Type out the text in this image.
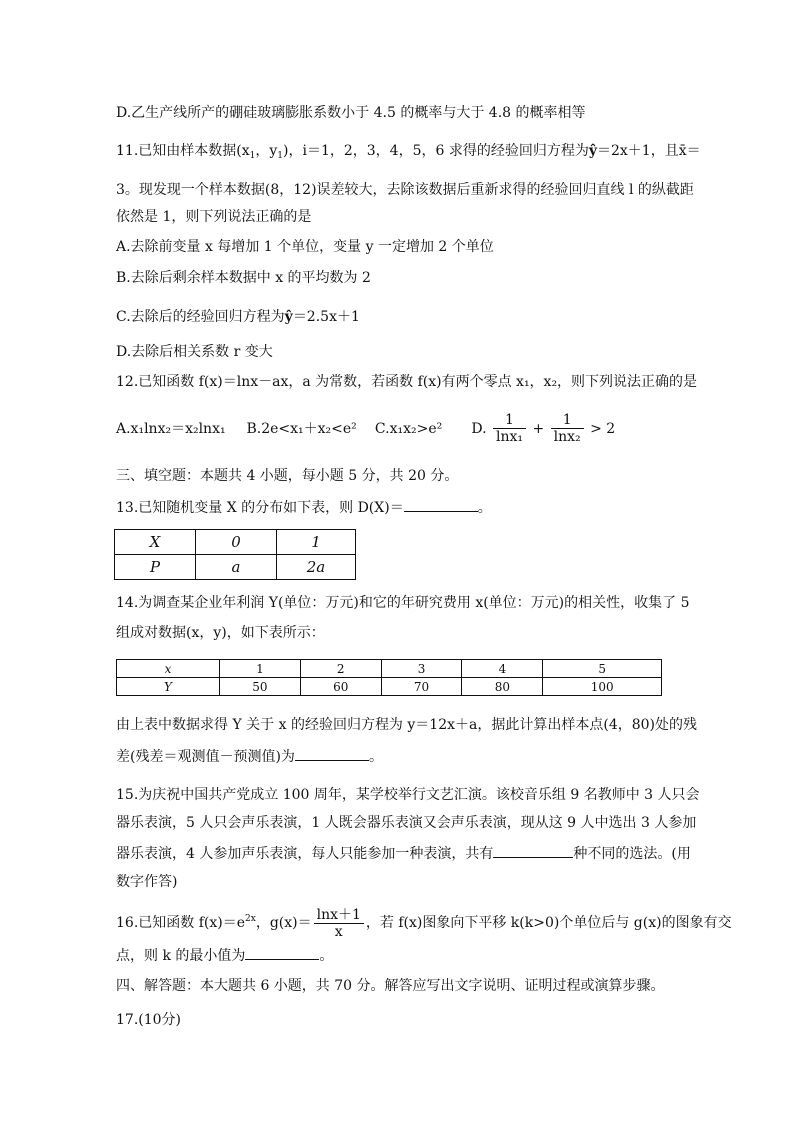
D.乙生产线所产的硼硅玻璃膨胀系数小于 4.5 的概率与大于 4.8 的概率相等
11.已知由样本数据($x_1$，$y_1$)，i＝1，2，3，4，5，6 求得的经验回归方程为ŷ＝2x＋1，且x̄＝
3。现发现一个样本数据(8，12)误差较大，去除该数据后重新求得的经验回归直线 l 的纵截距
依然是 1，则下列说法正确的是
A.去除前变量 x 每增加 1 个单位，变量 y 一定增加 2 个单位
B.去除后剩余样本数据中 x 的平均数为 2
C.去除后的经验回归方程为ŷ＝2.5x＋1
D.去除后相关系数 r 变大
12.已知函数 f(x)＝lnx－ax，a 为常数，若函数 f(x)有两个零点 x₁，x₂，则下列说法正确的是
A.x₁lnx₂＝x₂lnx₁ B.2e<x₁＋x₂<e² C.x₁x₂>e² D. $\frac{1}{\text{lnx₁}} + \frac{1}{\text{lnx₂}} > 2$
三、填空题：本题共 4 小题，每小题 5 分，共 20 分。
13.已知随机变量 X 的分布如下表，则 D(X)＝	。
X	0	1
P	a	2a
14.为调查某企业年利润 Y(单位：万元)和它的年研究费用 x(单位：万元)的相关性，收集了 5
组成对数据(x，y)，如下表所示：
x	1	2	3	4	5
Y	50	60	70	80	100
由上表中数据求得 Y 关于 x 的经验回归方程为 y＝12x＋a，据此计算出样本点(4，80)处的残
差(残差＝观测值－预测值)为	。
15.为庆祝中国共产党成立 100 周年，某学校举行文艺汇演。该校音乐组 9 名教师中 3 人只会
器乐表演，5 人只会声乐表演，1 人既会器乐表演又会声乐表演，现从这 9 人中选出 3 人参加
器乐表演，4 人参加声乐表演，每人只能参加一种表演，共有	种不同的选法。(用
数字作答)
16.已知函数 $f(x)=e^{2x}$，$g(x)= \frac{\ln x+1}{x}$ ，若 f(x)图象向下平移 k(k>0)个单位后与 g(x)的图象有交
点，则 k 的最小值为	。
四、解答题：本大题共 6 小题，共 70 分。解答应写出文字说明、证明过程或演算步骤。
17.(10分)
